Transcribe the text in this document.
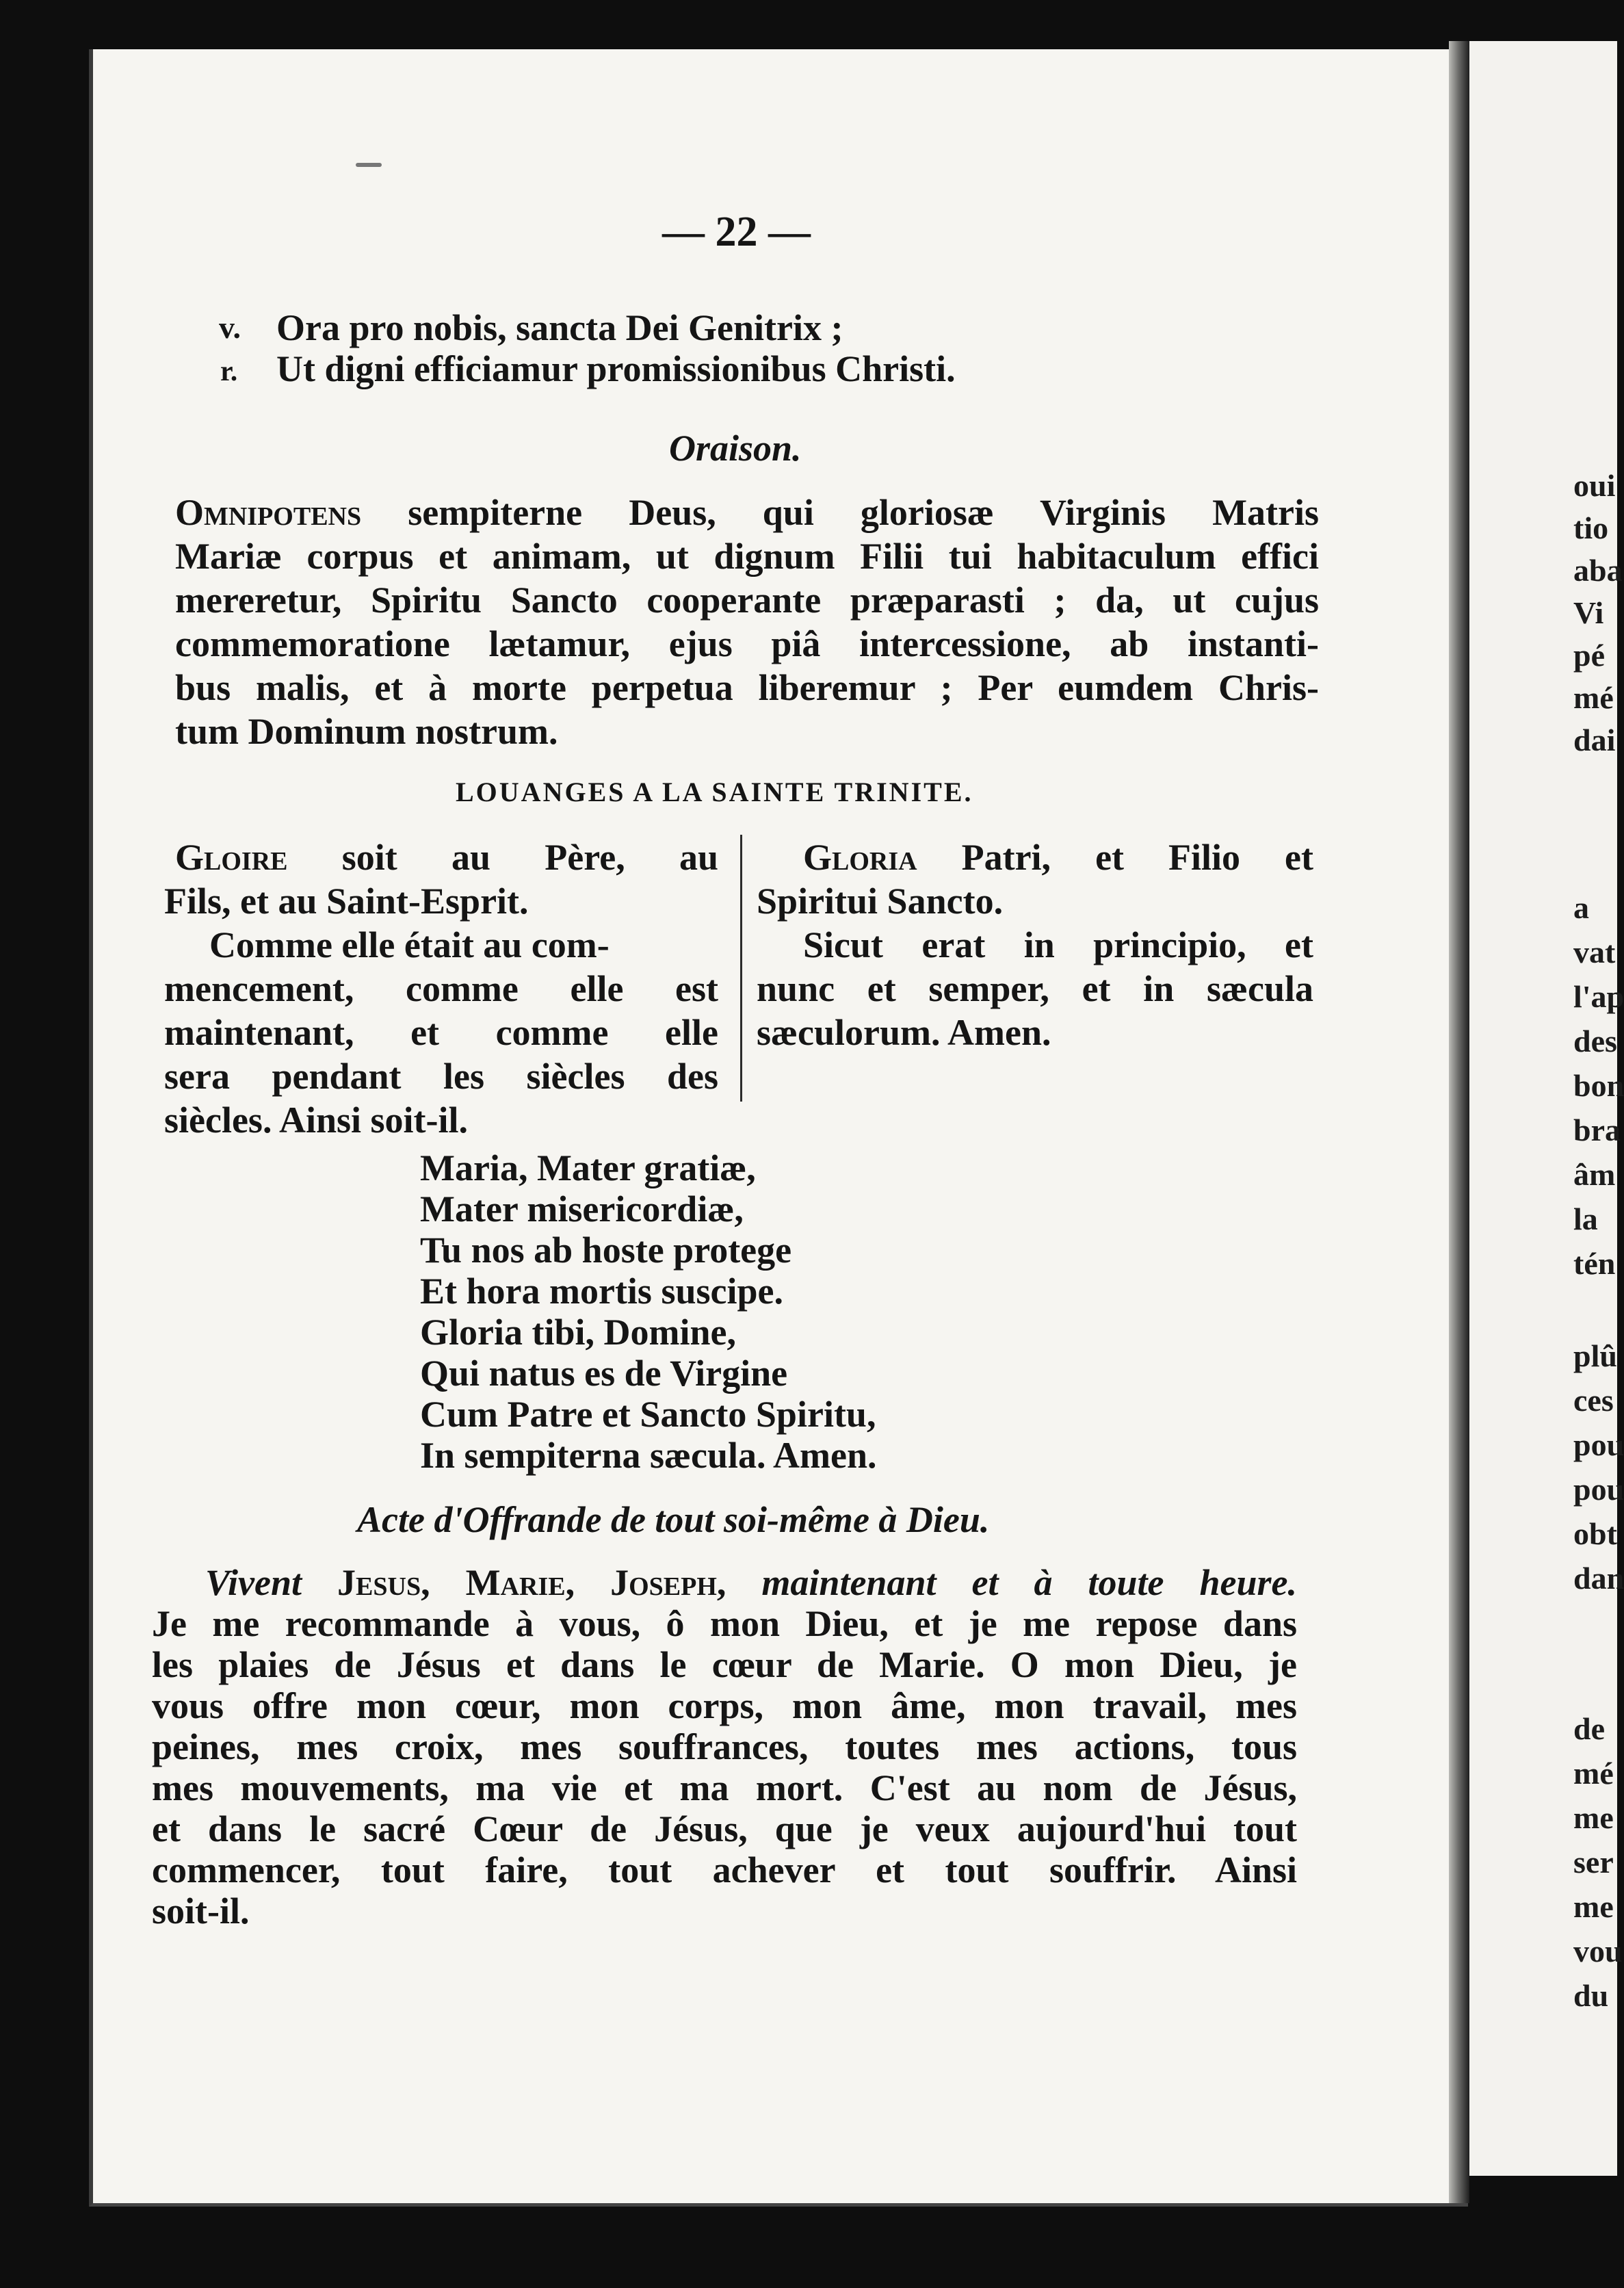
oui
tio
aba
Vi
pé
mé
dai
a
vat
l'ap
des
bon
bra
âm
la
tén
plû
ces
pou
pou
obt
dan
de
mé
me
ser
me
vou
du
— 22 —
v. Ora pro nobis, sancta Dei Genitrix ;
r. Ut digni efficiamur promissionibus Christi.
Oraison.
Omnipotens sempiterne Deus, qui gloriosæ Virginis Matris
Mariæ corpus et animam, ut dignum Filii tui habitaculum effici
mereretur, Spiritu Sancto cooperante præparasti ; da, ut cujus
commemoratione lætamur, ejus piâ intercessione, ab instanti-
bus malis, et à morte perpetua liberemur ; Per eumdem Chris-
tum Dominum nostrum.
LOUANGES A LA SAINTE TRINITE.
Gloire soit au Père, au
Fils, et au Saint-Esprit.
Comme elle était au com-
mencement, comme elle est
maintenant, et comme elle
sera pendant les siècles des
siècles. Ainsi soit-il.
Gloria Patri, et Filio et
Spiritui Sancto.
Sicut erat in principio, et
nunc et semper, et in sæcula
sæculorum. Amen.
Maria, Mater gratiæ,
Mater misericordiæ,
Tu nos ab hoste protege
Et hora mortis suscipe.
Gloria tibi, Domine,
Qui natus es de Virgine
Cum Patre et Sancto Spiritu,
In sempiterna sæcula. Amen.
Acte d'Offrande de tout soi-même à Dieu.
Vivent Jesus, Marie, Joseph, maintenant et à toute heure.
Je me recommande à vous, ô mon Dieu, et je me repose dans
les plaies de Jésus et dans le cœur de Marie. O mon Dieu, je
vous offre mon cœur, mon corps, mon âme, mon travail, mes
peines, mes croix, mes souffrances, toutes mes actions, tous
mes mouvements, ma vie et ma mort. C'est au nom de Jésus,
et dans le sacré Cœur de Jésus, que je veux aujourd'hui tout
commencer, tout faire, tout achever et tout souffrir. Ainsi
soit-il.
